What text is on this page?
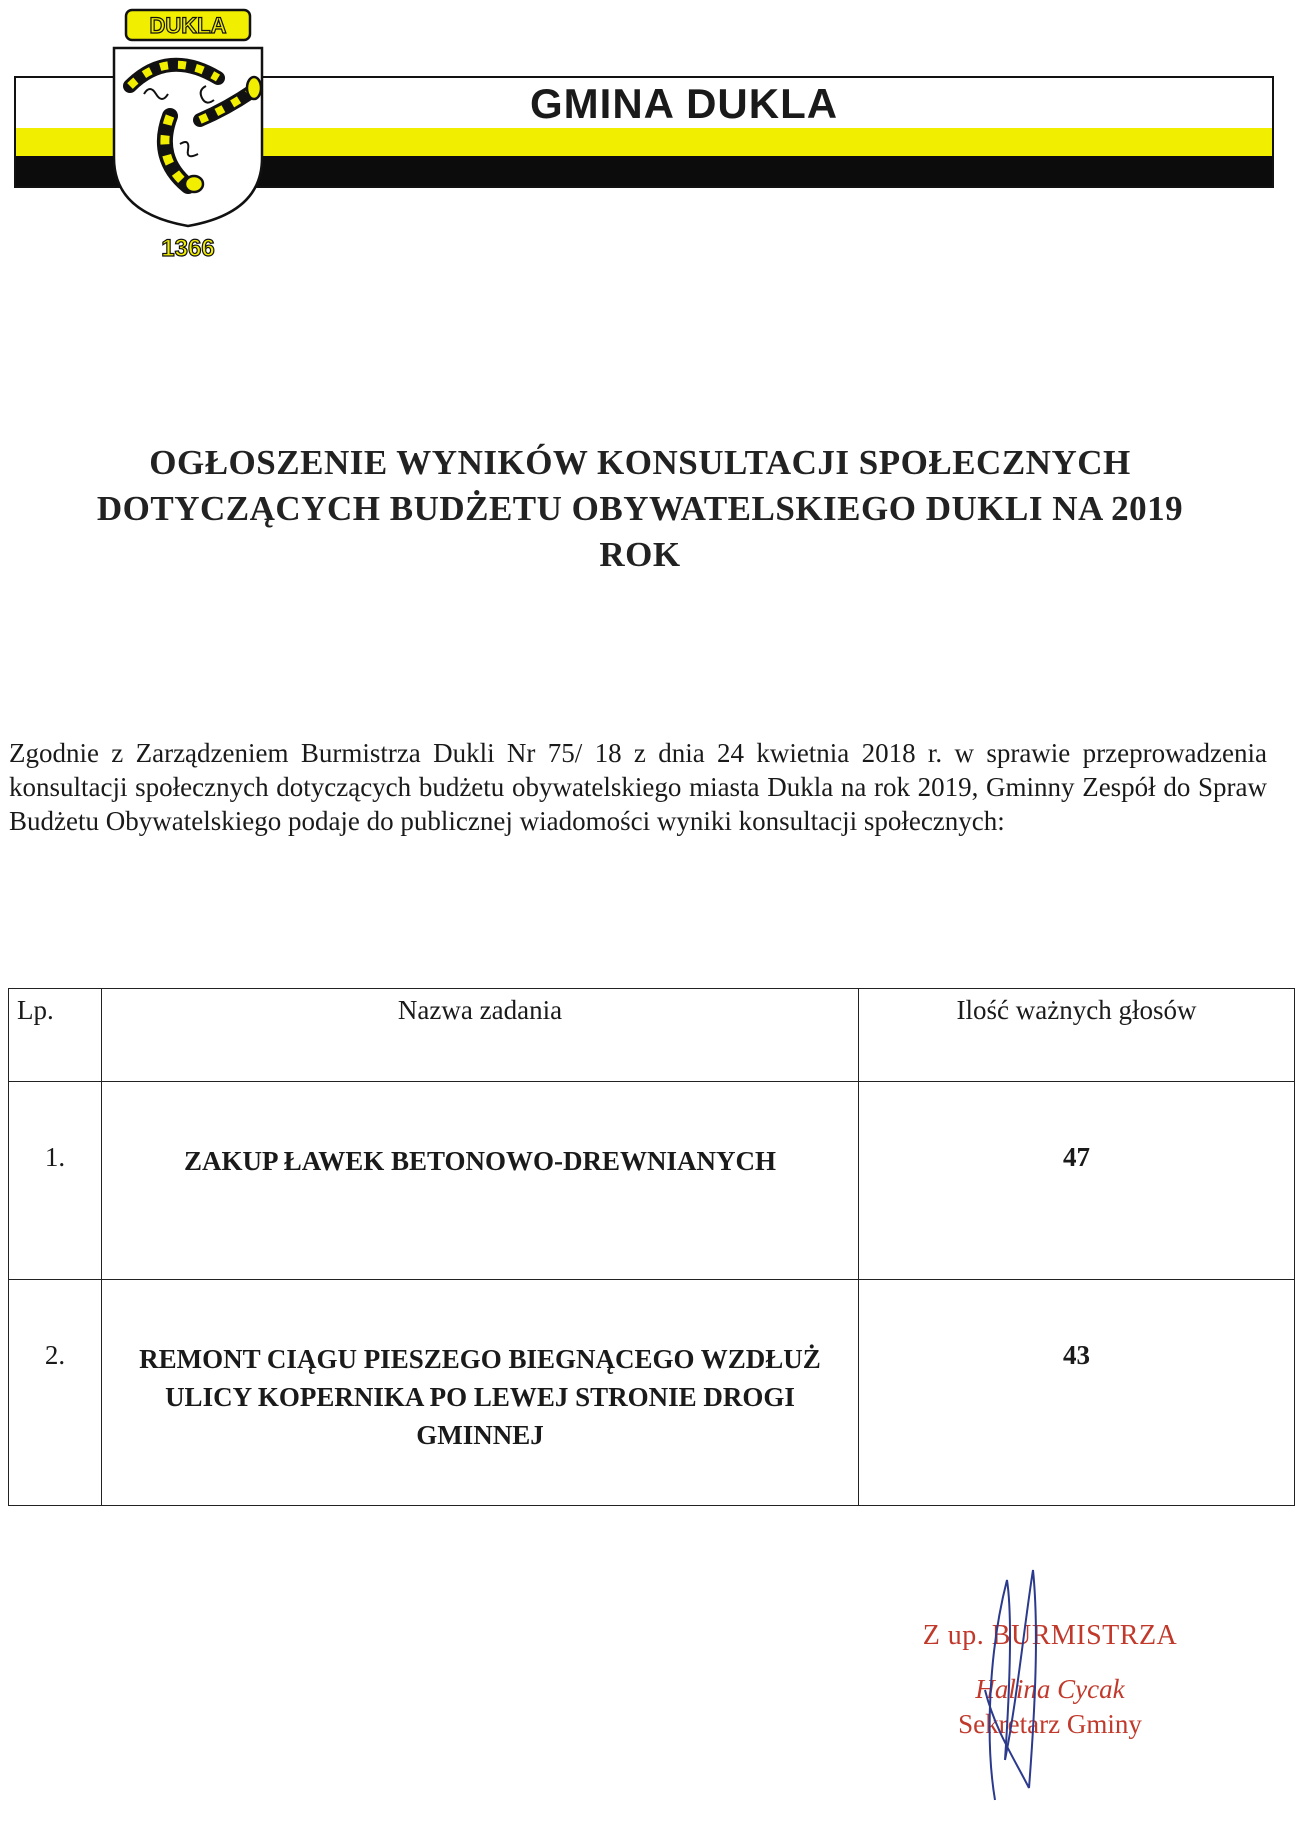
GMINA DUKLA
DUKLA
1366
OGŁOSZENIE WYNIKÓW KONSULTACJI SPOŁECZNYCH
DOTYCZĄCYCH BUDŻETU OBYWATELSKIEGO DUKLI NA 2019
ROK

Zgodnie z Zarządzeniem Burmistrza Dukli Nr 75/ 18 z dnia 24 kwietnia 2018 r. w sprawie przeprowadzenia konsultacji społecznych dotyczących budżetu obywatelskiego miasta Dukla na rok 2019, Gminny Zespół do Spraw Budżetu Obywatelskiego podaje do publicznej wiadomości wyniki konsultacji społecznych:

Lp.	Nazwa zadania	Ilość ważnych głosów
1.	ZAKUP ŁAWEK BETONOWO-DREWNIANYCH	47
2.	REMONT CIĄGU PIESZEGO BIEGNĄCEGO WZDŁUŻ ULICY KOPERNIKA PO LEWEJ STRONIE DROGI GMINNEJ	43

Z up. BURMISTRZA

Halina Cycak

Sekretarz Gminy
